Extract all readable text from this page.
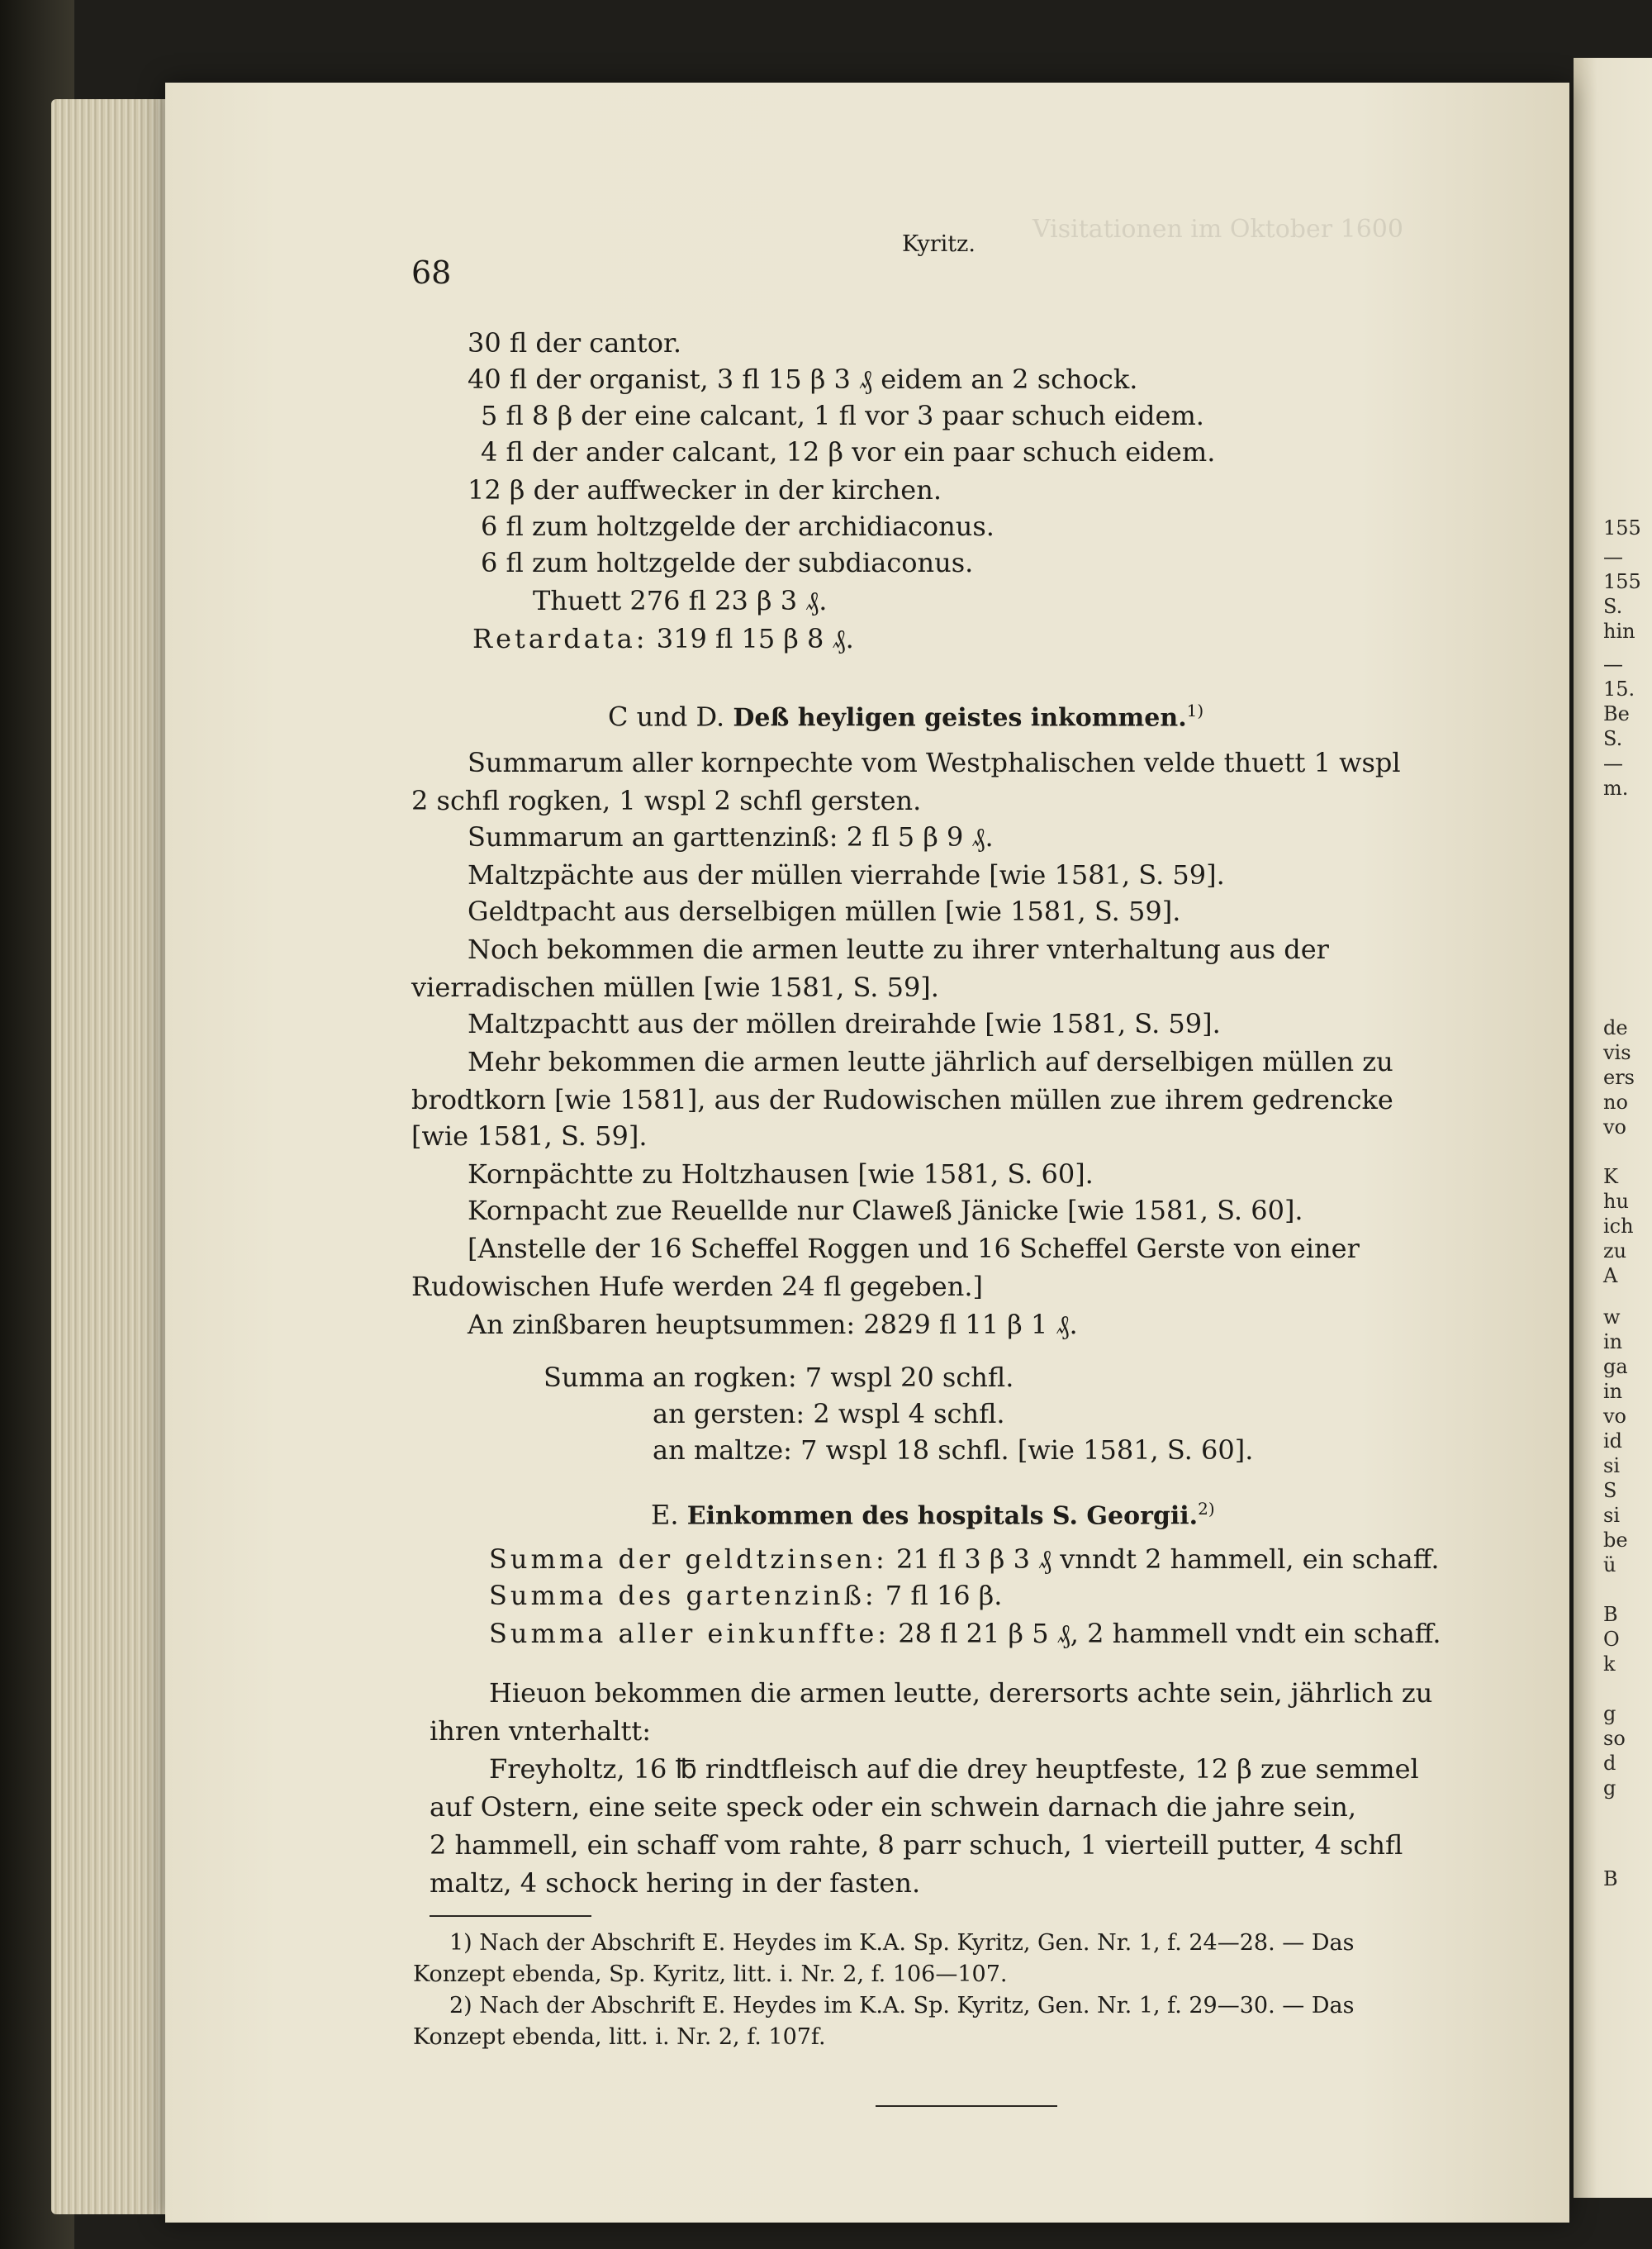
155
—
155
S.
hin
—
15.
Be
S.
—
m.
de
vis
ers
no
vo
K
hu
ich
zu
A
w
in
ga
in
vo
id
si
S
si
be
ü
B
O
k
g
so
d
g
B
Visitationen im Oktober 1600
68
Kyritz.
30 fl der cantor.
40 fl der organist, 3 fl 15 β 3 ₰ eidem an 2 schock.
5 fl 8 β der eine calcant, 1 fl vor 3 paar schuch eidem.
4 fl der ander calcant, 12 β vor ein paar schuch eidem.
12 β der auffwecker in der kirchen.
6 fl zum holtzgelde der archidiaconus.
6 fl zum holtzgelde der subdiaconus.
Thuett 276 fl 23 β 3 ₰.
Retardata: 319 fl 15 β 8 ₰.
C und D. Deß heyligen geistes inkommen.$^{1)}$
Summarum aller kornpechte vom Westphalischen velde thuett 1 wspl
2 schfl rogken, 1 wspl 2 schfl gersten.
Summarum an garttenzinß: 2 fl 5 β 9 ₰.
Maltzpächte aus der müllen vierrahde [wie 1581, S. 59].
Geldtpacht aus derselbigen müllen [wie 1581, S. 59].
Noch bekommen die armen leutte zu ihrer vnterhaltung aus der
vierradischen müllen [wie 1581, S. 59].
Maltzpachtt aus der möllen dreirahde [wie 1581, S. 59].
Mehr bekommen die armen leutte jährlich auf derselbigen müllen zu
brodtkorn [wie 1581], aus der Rudowischen müllen zue ihrem gedrencke
[wie 1581, S. 59].
Kornpächtte zu Holtzhausen [wie 1581, S. 60].
Kornpacht zue Reuellde nur Claweß Jänicke [wie 1581, S. 60].
[Anstelle der 16 Scheffel Roggen und 16 Scheffel Gerste von einer
Rudowischen Hufe werden 24 fl gegeben.]
An zinßbaren heuptsummen: 2829 fl 11 β 1 ₰.
Summa an rogken: 7 wspl 20 schfl.
an gersten: 2 wspl 4 schfl.
an maltze: 7 wspl 18 schfl. [wie 1581, S. 60].
E. Einkommen des hospitals S. Georgii.$^{2)}$
Summa der geldtzinsen: 21 fl 3 β 3 ₰ vnndt 2 hammell, ein schaff.
Summa des gartenzinß: 7 fl 16 β.
Summa aller einkunffte: 28 fl 21 β 5 ₰, 2 hammell vndt ein schaff.
Hieuon bekommen die armen leutte, derersorts achte sein, jährlich zu
ihren vnterhaltt:
Freyholtz, 16 ℔ rindtfleisch auf die drey heuptfeste, 12 β zue semmel
auf Ostern, eine seite speck oder ein schwein darnach die jahre sein,
2 hammell, ein schaff vom rahte, 8 parr schuch, 1 vierteill putter, 4 schfl
maltz, 4 schock hering in der fasten.
1) Nach der Abschrift E. Heydes im K.A. Sp. Kyritz, Gen. Nr. 1, f. 24—28. — Das
Konzept ebenda, Sp. Kyritz, litt. i. Nr. 2, f. 106—107.
2) Nach der Abschrift E. Heydes im K.A. Sp. Kyritz, Gen. Nr. 1, f. 29—30. — Das
Konzept ebenda, litt. i. Nr. 2, f. 107f.
